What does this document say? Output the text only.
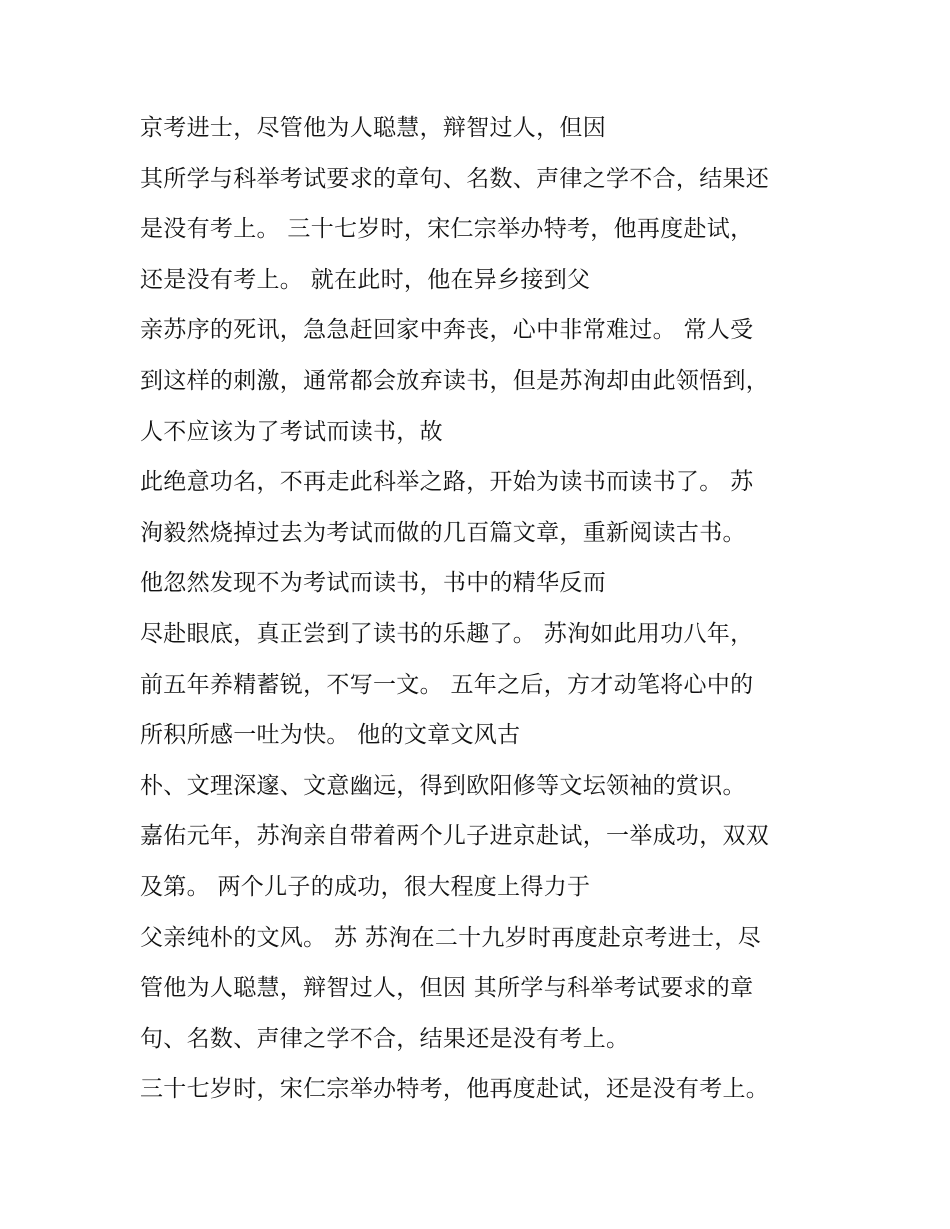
京考进士，尽管他为人聪慧，辩智过人，但因
其所学与科举考试要求的章句、名数、声律之学不合，结果还
是没有考上。 三十七岁时，宋仁宗举办特考，他再度赴试，
还是没有考上。 就在此时，他在异乡接到父
亲苏序的死讯，急急赶回家中奔丧，心中非常难过。 常人受
到这样的刺激，通常都会放弃读书，但是苏洵却由此领悟到，
人不应该为了考试而读书，故
此绝意功名，不再走此科举之路，开始为读书而读书了。 苏
洵毅然烧掉过去为考试而做的几百篇文章，重新阅读古书。
他忽然发现不为考试而读书，书中的精华反而
尽赴眼底，真正尝到了读书的乐趣了。 苏洵如此用功八年，
前五年养精蓄锐，不写一文。 五年之后，方才动笔将心中的
所积所感一吐为快。 他的文章文风古
朴、文理深邃、文意幽远，得到欧阳修等文坛领袖的赏识。
嘉佑元年，苏洵亲自带着两个儿子进京赴试，一举成功，双双
及第。 两个儿子的成功，很大程度上得力于
父亲纯朴的文风。 苏 苏洵在二十九岁时再度赴京考进士，尽
管他为人聪慧，辩智过人，但因 其所学与科举考试要求的章
句、名数、声律之学不合，结果还是没有考上。
三十七岁时，宋仁宗举办特考，他再度赴试，还是没有考上。
